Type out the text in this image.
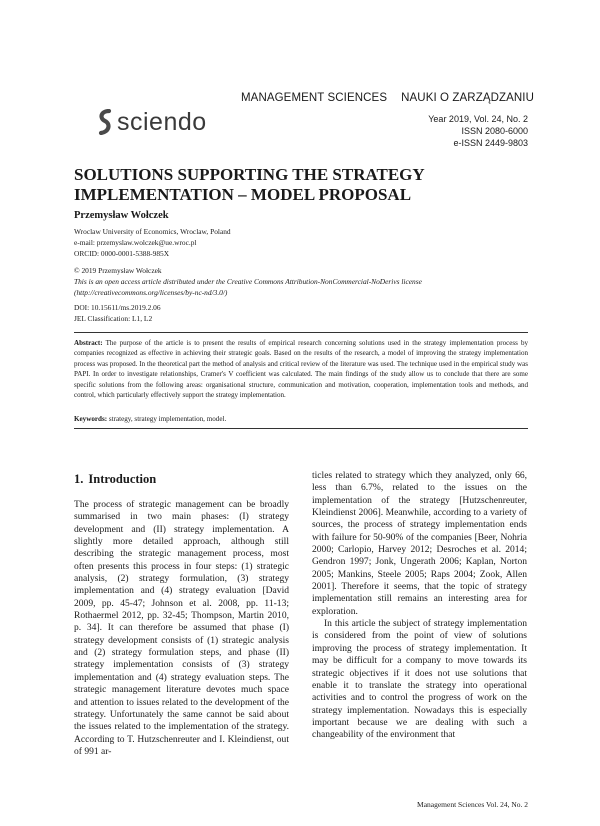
MANAGEMENT SCIENCES NAUKI O ZARZĄDZANIU
sciendo	Year 2019, Vol. 24, No. 2
ISSN 2080-6000
e-ISSN 2449-9803
SOLUTIONS SUPPORTING THE STRATEGY
IMPLEMENTATION – MODEL PROPOSAL
Przemysław Wołczek
Wroclaw University of Economics, Wroclaw, Poland
e-mail: przemyslaw.wolczek@ue.wroc.pl
ORCID: 0000-0001-5388-985X
© 2019 Przemysław Wołczek
This is an open access article distributed under the Creative Commons Attribution-NonCommercial-NoDerivs license
(http://creativecommons.org/licenses/by-nc-nd/3.0/)
DOI: 10.15611/ms.2019.2.06
JEL Classification: L1, L2
Abstract: The purpose of the article is to present the results of empirical research concerning solutions used in the strategy implementation process by companies recognized as effective in achieving their strategic goals. Based on the results of the research, a model of improving the strategy implementation process was proposed. In the theoretical part the method of analysis and critical review of the literature was used. The technique used in the empirical study was PAPI. In order to investigate relationships, Cramer's V coefficient was calculated. The main findings of the study allow us to conclude that there are some specific solutions from the following areas: organisational structure, communication and motivation, cooperation, implementation tools and methods, and control, which particularly effectively support the strategy implementation.
Keywords: strategy, strategy implementation, model.
1. Introduction

The process of strategic management can be broadly summarised in two main phases: (I) strategy development and (II) strategy implementation. A slightly more detailed approach, although still describing the strategic management process, most often presents this process in four steps: (1) strategic analysis, (2) strategy formulation, (3) strategy implementation and (4) strategy evaluation [David 2009, pp. 45-47; Johnson et al. 2008, pp. 11-13; Rothaermel 2012, pp. 32-45; Thompson, Martin 2010, p. 34]. It can therefore be assumed that phase (I) strategy development consists of (1) strategic analysis and (2) strategy formulation steps, and phase (II) strategy implementation consists of (3) strategy implementation and (4) strategy evaluation steps. The strategic management literature devotes much space and attention to issues related to the development of the strategy. Unfortunately the same cannot be said about the issues related to the implementation of the strategy. According to T. Hutzschenreuter and I. Kleindienst, out of 991 ar-

ticles related to strategy which they analyzed, only 66, less than 6.7%, related to the issues on the implementation of the strategy [Hutzschenreuter, Kleindienst 2006]. Meanwhile, according to a variety of sources, the process of strategy implementation ends with failure for 50-90% of the companies [Beer, Nohria 2000; Carlopio, Harvey 2012; Desroches et al. 2014; Gendron 1997; Jonk, Ungerath 2006; Kaplan, Norton 2005; Mankins, Steele 2005; Raps 2004; Zook, Allen 2001]. Therefore it seems, that the topic of strategy implementation still remains an interesting area for exploration.

In this article the subject of strategy implementation is considered from the point of view of solutions improving the process of strategy implementation. It may be difficult for a company to move towards its strategic objectives if it does not use solutions that enable it to translate the strategy into operational activities and to control the progress of work on the strategy implementation. Nowadays this is especially important because we are dealing with such a changeability of the environment that

Management Sciences Vol. 24, No. 2
